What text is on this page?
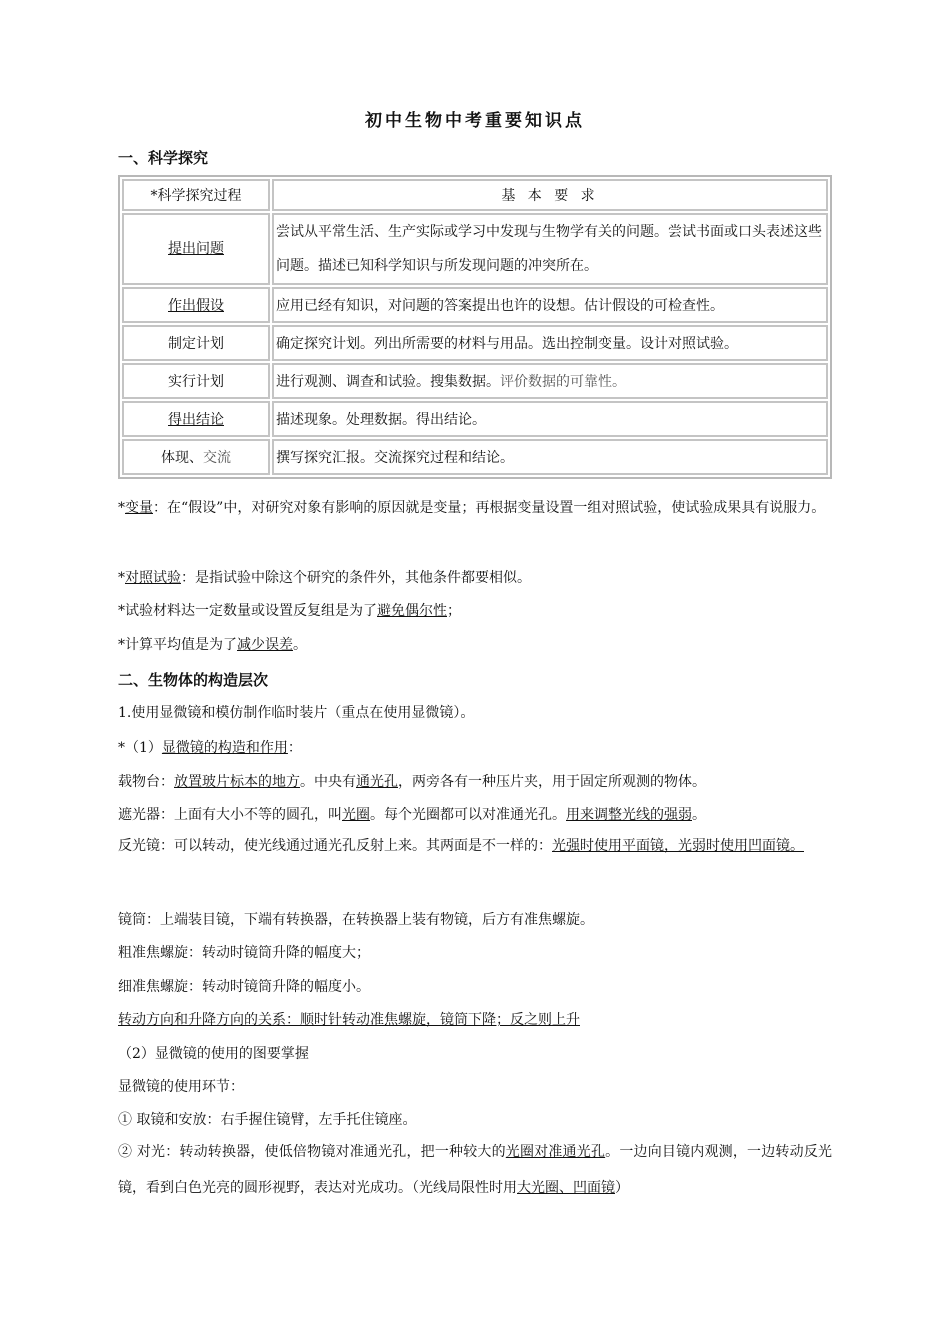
初中生物中考重要知识点
一、科学探究
*科学探究过程	基 本 要 求
提出问题	尝试从平常生活、生产实际或学习中发现与生物学有关的问题。尝试书面或口头表述这些问题。描述已知科学知识与所发现问题的冲突所在。
作出假设	应用已经有知识，对问题的答案提出也许的设想。估计假设的可检查性。
制定计划	确定探究计划。列出所需要的材料与用品。选出控制变量。设计对照试验。
实行计划	进行观测、调查和试验。搜集数据。评价数据的可靠性。
得出结论	描述现象。处理数据。得出结论。
体现、交流	撰写探究汇报。交流探究过程和结论。
*变量：在“假设”中，对研究对象有影响的原因就是变量；再根据变量设置一组对照试验，使试验成果具有说服力。
*对照试验：是指试验中除这个研究的条件外，其他条件都要相似。
*试验材料达一定数量或设置反复组是为了避免偶尔性；
*计算平均值是为了减少误差。
二、生物体的构造层次
1.使用显微镜和模仿制作临时装片（重点在使用显微镜）。
*（1）显微镜的构造和作用：
载物台：放置玻片标本的地方。中央有通光孔，两旁各有一种压片夹，用于固定所观测的物体。
遮光器：上面有大小不等的圆孔，叫光圈。每个光圈都可以对准通光孔。用来调整光线的强弱。
反光镜：可以转动，使光线通过通光孔反射上来。其两面是不一样的：光强时使用平面镜，光弱时使用凹面镜。
镜筒：上端装目镜，下端有转换器，在转换器上装有物镜，后方有准焦螺旋。
粗准焦螺旋：转动时镜筒升降的幅度大；
细准焦螺旋：转动时镜筒升降的幅度小。
转动方向和升降方向的关系：顺时针转动准焦螺旋，镜筒下降；反之则上升
（2）显微镜的使用的图要掌握
显微镜的使用环节：
① 取镜和安放：右手握住镜臂，左手托住镜座。
② 对光：转动转换器，使低倍物镜对准通光孔，把一种较大的光圈对准通光孔。一边向目镜内观测，一边转动反光镜，看到白色光亮的圆形视野，表达对光成功。（光线局限性时用大光圈、凹面镜）
